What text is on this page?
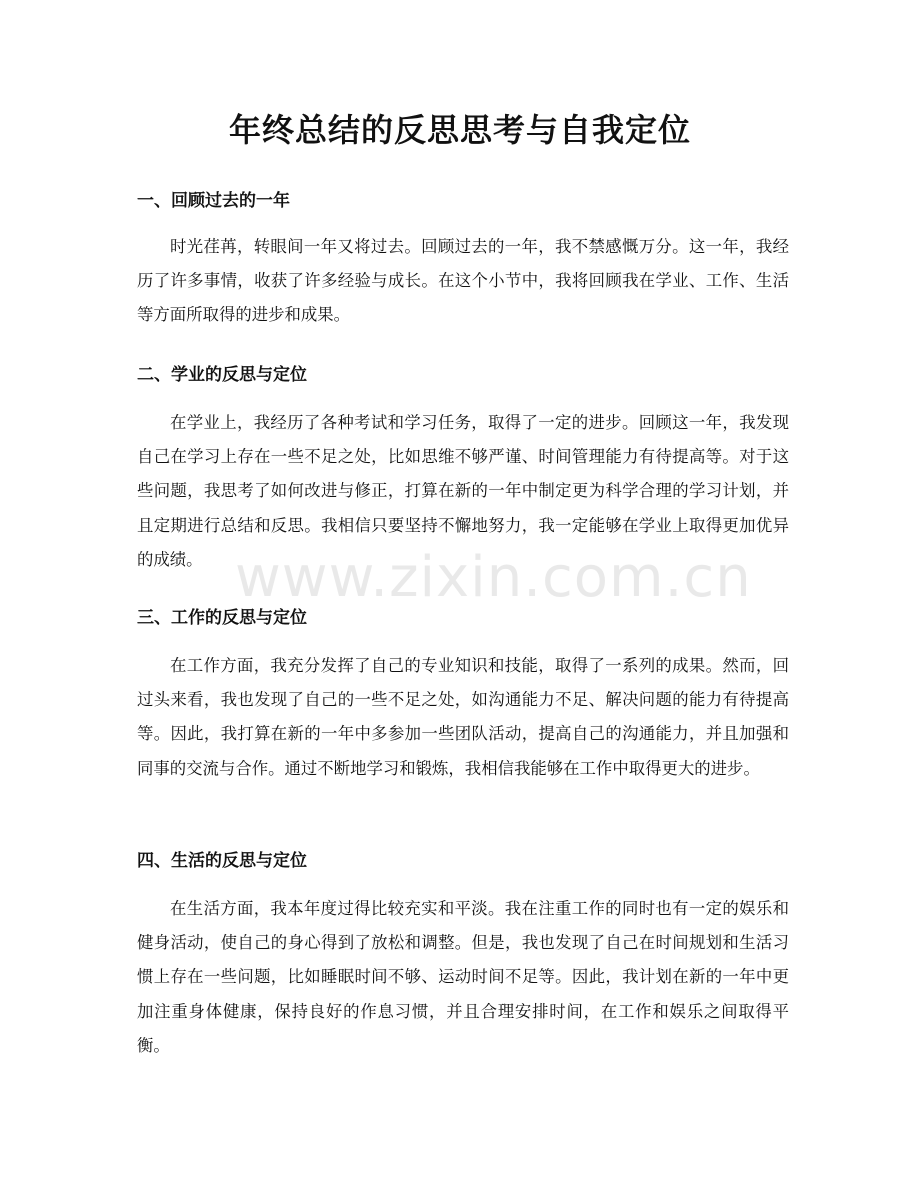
年终总结的反思思考与自我定位
一、回顾过去的一年

时光荏苒，转眼间一年又将过去。回顾过去的一年，我不禁感慨万分。这一年，我经历了许多事情，收获了许多经验与成长。在这个小节中，我将回顾我在学业、工作、生活等方面所取得的进步和成果。

二、学业的反思与定位

在学业上，我经历了各种考试和学习任务，取得了一定的进步。回顾这一年，我发现自己在学习上存在一些不足之处，比如思维不够严谨、时间管理能力有待提高等。对于这些问题，我思考了如何改进与修正，打算在新的一年中制定更为科学合理的学习计划，并且定期进行总结和反思。我相信只要坚持不懈地努力，我一定能够在学业上取得更加优异的成绩。

三、工作的反思与定位

在工作方面，我充分发挥了自己的专业知识和技能，取得了一系列的成果。然而，回过头来看，我也发现了自己的一些不足之处，如沟通能力不足、解决问题的能力有待提高等。因此，我打算在新的一年中多参加一些团队活动，提高自己的沟通能力，并且加强和同事的交流与合作。通过不断地学习和锻炼，我相信我能够在工作中取得更大的进步。

四、生活的反思与定位

在生活方面，我本年度过得比较充实和平淡。我在注重工作的同时也有一定的娱乐和健身活动，使自己的身心得到了放松和调整。但是，我也发现了自己在时间规划和生活习惯上存在一些问题，比如睡眠时间不够、运动时间不足等。因此，我计划在新的一年中更加注重身体健康，保持良好的作息习惯，并且合理安排时间，在工作和娱乐之间取得平衡。

www.zixin.com.cn
